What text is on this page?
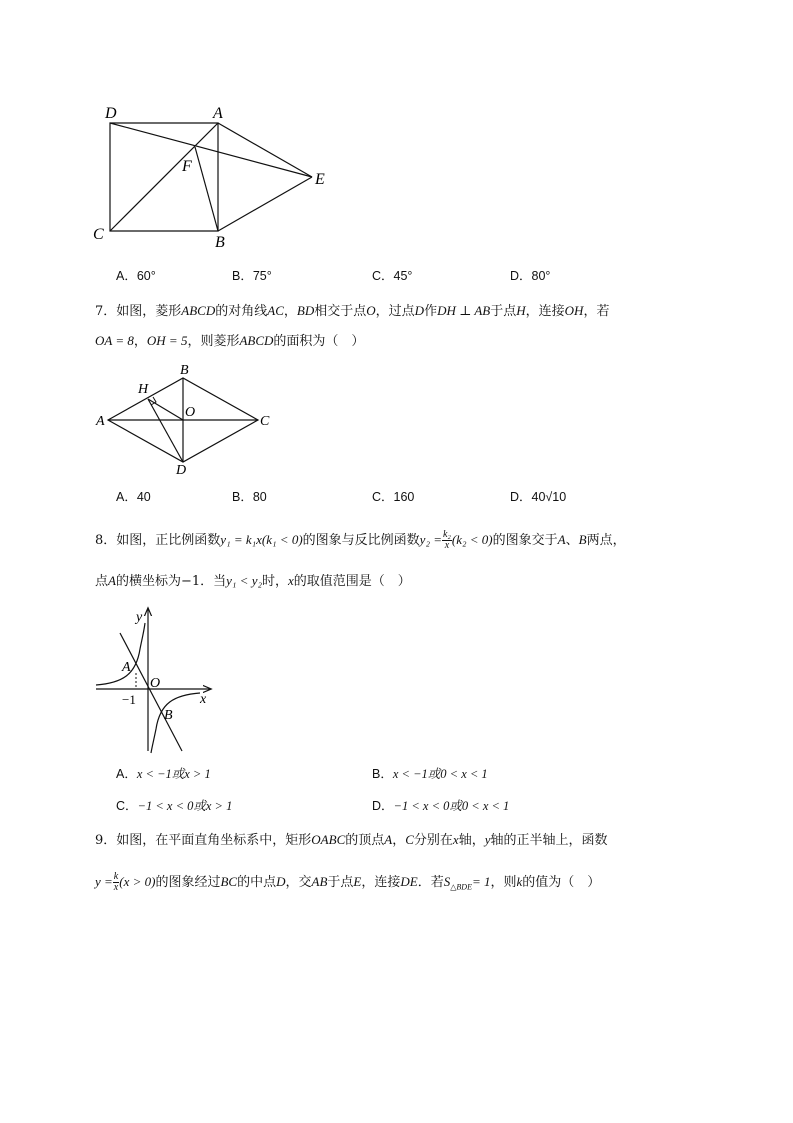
D	A
F
E
C	B
A．60°	B．75°	C．45°	D．80°
7．如图，菱形ABCD的对角线AC，BD相交于点O，过点D作DH ⊥ AB于点H，连接OH，若
OA = 8，OH = 5，则菱形ABCD的面积为（　）
A
B
C
D
H
O
A．40	B．80	C．160	D．40√10
8．如图，正比例函数y₁ = k₁x(k₁ < 0)的图象与反比例函数$y_2 = \frac{\text{k₂}}{x} (k_2 < 0)$的图象交于A、B两点，
点A的横坐标为−1．当y₁ < y₂时，x的取值范围是（　）
y
x
A
O
B
−1
A．x < −1或x > 1	B．x < −1或0 < x < 1
C．−1 < x < 0或x > 1	D．−1 < x < 0或0 < x < 1
9．如图，在平面直角坐标系中，矩形OABC的顶点A，C分别在x轴，y轴的正半轴上，函数
$y = \frac{k}{x} (x > 0)$的图象经过BC的中点D，交AB于点E，连接DE．若$S_{\triangle BDE}= 1$，则k的值为（　）
